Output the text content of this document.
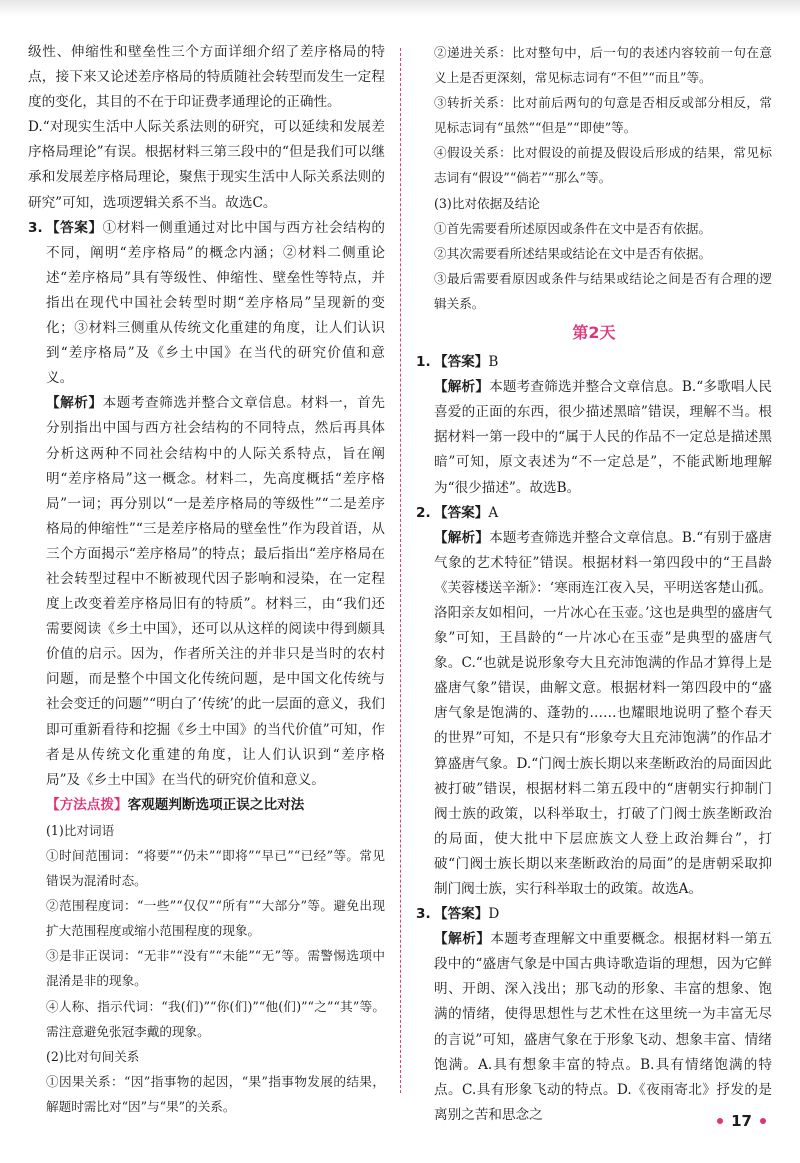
级性、伸缩性和壁垒性三个方面详细介绍了差序格局的特点，接下来又论述差序格局的特质随社会转型而发生一定程度的变化，其目的不在于印证费孝通理论的正确性。

D.“对现实生活中人际关系法则的研究，可以延续和发展差序格局理论”有误。根据材料三第三段中的“但是我们可以继承和发展差序格局理论，聚焦于现实生活中人际关系法则的研究”可知，选项逻辑关系不当。故选C。

3. 【答案】①材料一侧重通过对比中国与西方社会结构的不同，阐明“差序格局”的概念内涵；②材料二侧重论述“差序格局”具有等级性、伸缩性、壁垒性等特点，并指出在现代中国社会转型时期“差序格局”呈现新的变化；③材料三侧重从传统文化重建的角度，让人们认识到“差序格局”及《乡土中国》在当代的研究价值和意义。

【解析】本题考查筛选并整合文章信息。材料一，首先分别指出中国与西方社会结构的不同特点，然后再具体分析这两种不同社会结构中的人际关系特点，旨在阐明“差序格局”这一概念。材料二，先高度概括“差序格局”一词；再分别以“一是差序格局的等级性”“二是差序格局的伸缩性”“三是差序格局的壁垒性”作为段首语，从三个方面揭示“差序格局”的特点；最后指出“差序格局在社会转型过程中不断被现代因子影响和浸染，在一定程度上改变着差序格局旧有的特质”。材料三，由“我们还需要阅读《乡土中国》，还可以从这样的阅读中得到颇具价值的启示。因为，作者所关注的并非只是当时的农村问题，而是整个中国文化传统问题，是中国文化传统与社会变迁的问题”“明白了‘传统’的此一层面的意义，我们即可重新看待和挖掘《乡土中国》的当代价值”可知，作者是从传统文化重建的角度，让人们认识到“差序格局”及《乡土中国》在当代的研究价值和意义。

【方法点拨】客观题判断选项正误之比对法

(1)比对词语

①时间范围词：“将要”“仍未”“即将”“早已”“已经”等。常见错误为混淆时态。

②范围程度词：“一些”“仅仅”“所有”“大部分”等。避免出现扩大范围程度或缩小范围程度的现象。

③是非正误词：“无非”“没有”“未能”“无”等。需警惕选项中混淆是非的现象。

④人称、指示代词：“我(们)”“你(们)”“他(们)”“之”“其”等。需注意避免张冠李戴的现象。

(2)比对句间关系

①因果关系：“因”指事物的起因，“果”指事物发展的结果，解题时需比对“因”与“果”的关系。

②递进关系：比对整句中，后一句的表述内容较前一句在意义上是否更深刻，常见标志词有“不但”“而且”等。

③转折关系：比对前后两句的句意是否相反或部分相反，常见标志词有“虽然”“但是”“即使”等。

④假设关系：比对假设的前提及假设后形成的结果，常见标志词有“假设”“倘若”“那么”等。

(3)比对依据及结论

①首先需要看所述原因或条件在文中是否有依据。

②其次需要看所述结果或结论在文中是否有依据。

③最后需要看原因或条件与结果或结论之间是否有合理的逻辑关系。

第2天

1. 【答案】B

【解析】本题考查筛选并整合文章信息。B.“多歌唱人民喜爱的正面的东西，很少描述黑暗”错误，理解不当。根据材料一第一段中的“属于人民的作品不一定总是描述黑暗”可知，原文表述为“不一定总是”，不能武断地理解为“很少描述”。故选B。

2. 【答案】A

【解析】本题考查筛选并整合文章信息。B.“有别于盛唐气象的艺术特征”错误。根据材料一第四段中的“王昌龄《芙蓉楼送辛渐》：‘寒雨连江夜入吴，平明送客楚山孤。洛阳亲友如相问，一片冰心在玉壶。’这也是典型的盛唐气象”可知，王昌龄的“一片冰心在玉壶”是典型的盛唐气象。C.“也就是说形象夸大且充沛饱满的作品才算得上是盛唐气象”错误，曲解文意。根据材料一第四段中的“盛唐气象是饱满的、蓬勃的……也耀眼地说明了整个春天的世界”可知，不是只有“形象夸大且充沛饱满”的作品才算盛唐气象。D.“门阀士族长期以来垄断政治的局面因此被打破”错误，根据材料二第五段中的“唐朝实行抑制门阀士族的政策，以科举取士，打破了门阀士族垄断政治的局面，使大批中下层庶族文人登上政治舞台”，打破“门阀士族长期以来垄断政治的局面”的是唐朝采取抑制门阀士族，实行科举取士的政策。故选A。

3. 【答案】D

【解析】本题考查理解文中重要概念。根据材料一第五段中的“盛唐气象是中国古典诗歌造诣的理想，因为它鲜明、开朗、深入浅出；那飞动的形象、丰富的想象、饱满的情绪，使得思想性与艺术性在这里统一为丰富无尽的言说”可知，盛唐气象在于形象飞动、想象丰富、情绪饱满。A.具有想象丰富的特点。B.具有情绪饱满的特点。C.具有形象飞动的特点。D.《夜雨寄北》抒发的是离别之苦和思念之	17
